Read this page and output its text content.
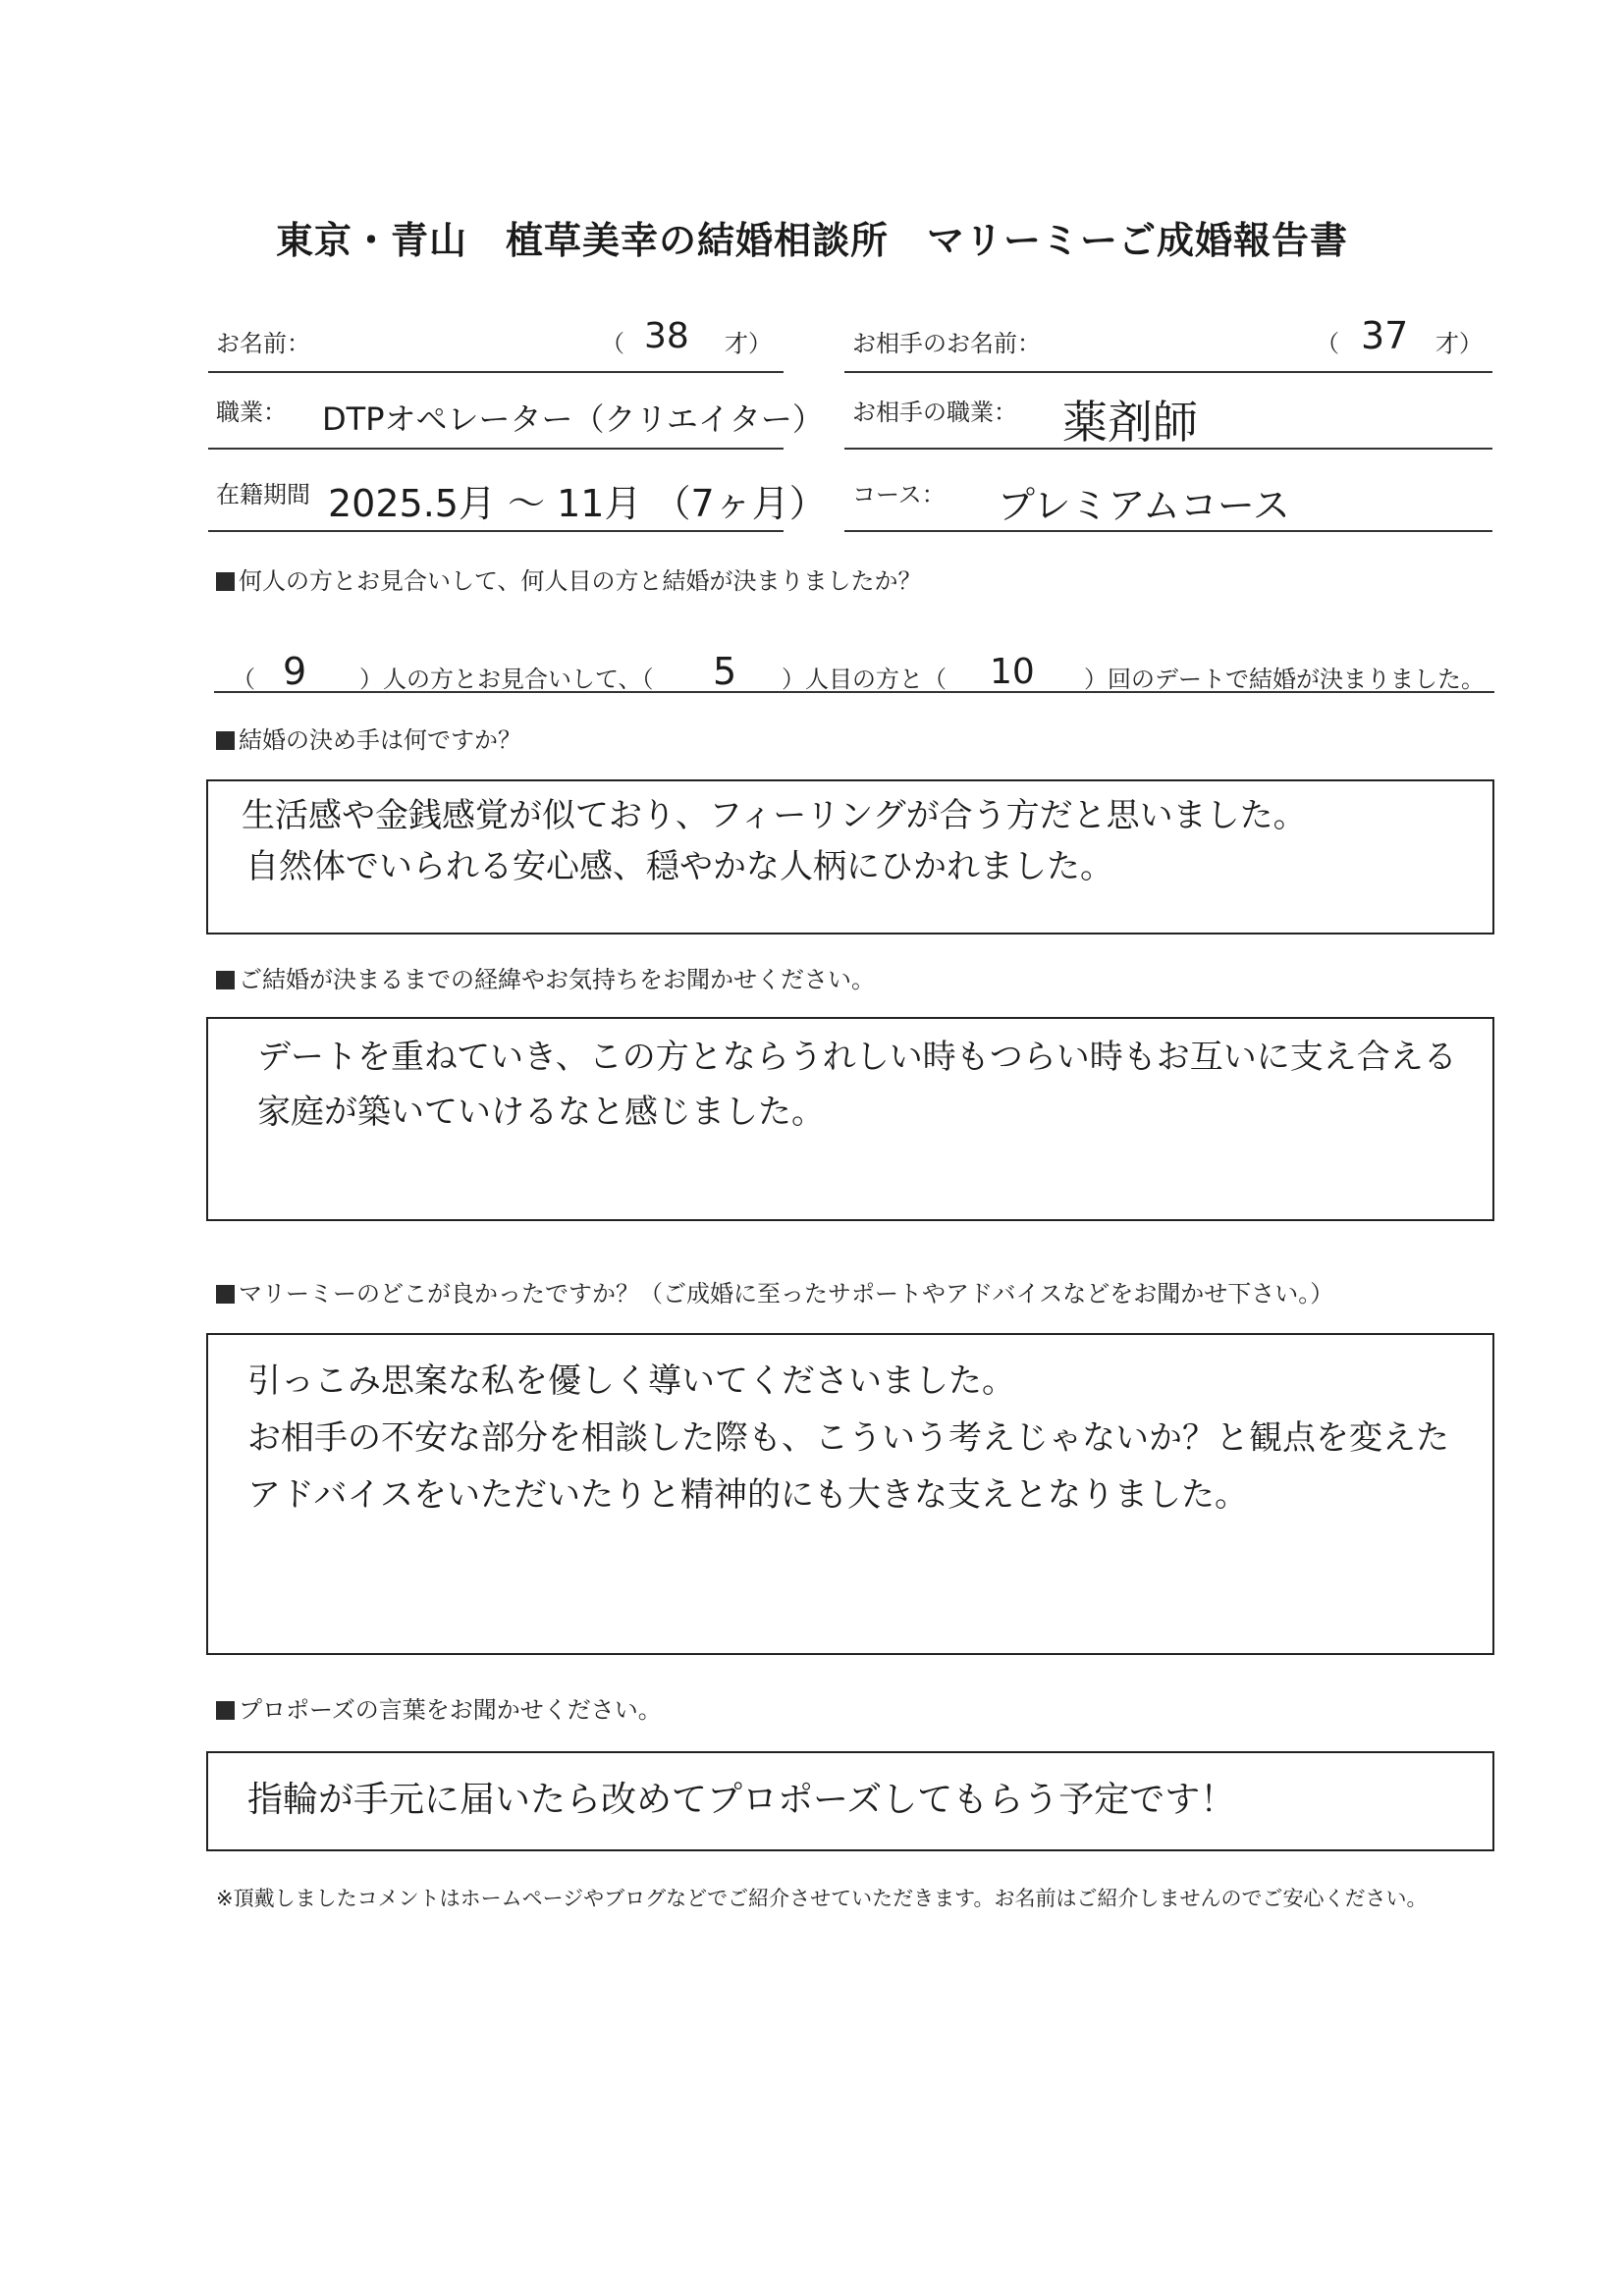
東京・青山　植草美幸の結婚相談所　マリーミーご成婚報告書
お名前：	（ 38 才）	お相手のお名前：	（ 37 才）
職業： DTPオペレーター（クリエイター） お相手の職業： 薬剤師
在籍期間 2025.5月 〜 11月 （7ヶ月） コース： プレミアムコース
何人の方とお見合いして、何人目の方と結婚が決まりましたか？
（ 9 ）人の方とお見合いして、（ 5 ）人目の方と（ 10 ）回のデートで結婚が決まりました。
結婚の決め手は何ですか？
生活感や金銭感覚が似ており、フィーリングが合う方だと思いました。
自然体でいられる安心感、穏やかな人柄にひかれました。
ご結婚が決まるまでの経緯やお気持ちをお聞かせください。
デートを重ねていき、この方とならうれしい時もつらい時もお互いに支え合える
家庭が築いていけるなと感じました。
マリーミーのどこが良かったですか？（ご成婚に至ったサポートやアドバイスなどをお聞かせ下さい。）
引っこみ思案な私を優しく導いてくださいました。
お相手の不安な部分を相談した際も、こういう考えじゃないか？と観点を変えた
アドバイスをいただいたりと精神的にも大きな支えとなりました。
プロポーズの言葉をお聞かせください。
指輪が手元に届いたら改めてプロポーズしてもらう予定です！
※頂戴しましたコメントはホームページやブログなどでご紹介させていただきます。お名前はご紹介しませんのでご安心ください。
